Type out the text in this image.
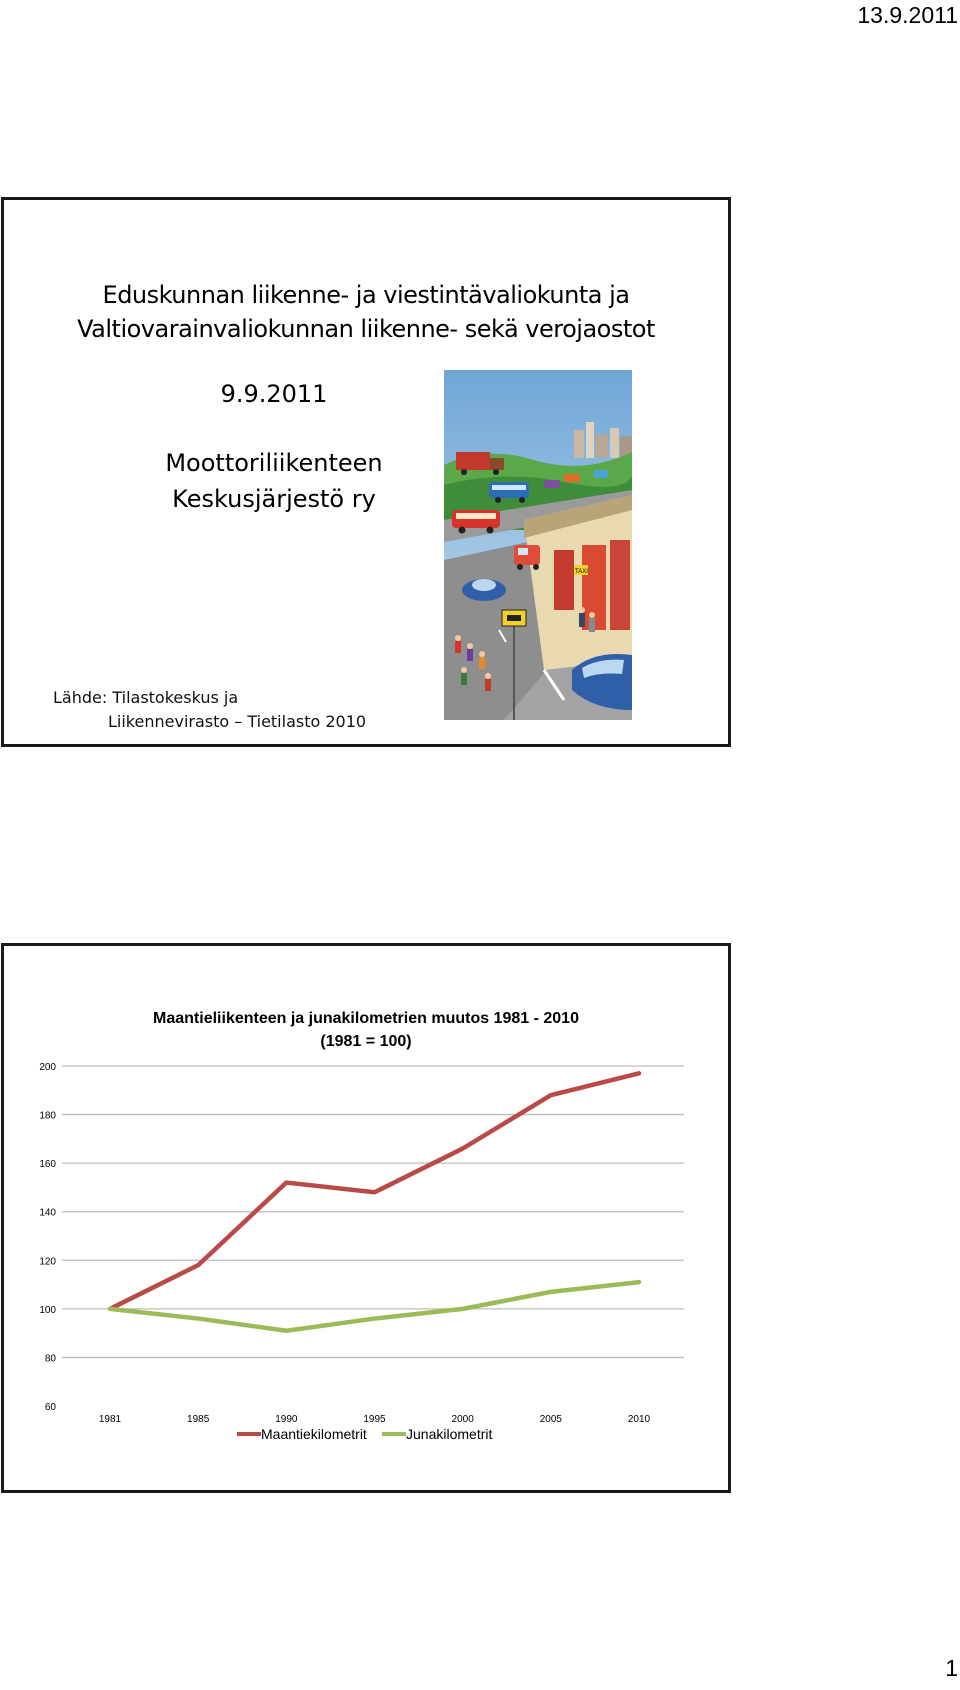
13.9.2011
Eduskunnan liikenne- ja viestintävaliokunta ja
Valtiovarainvaliokunnan liikenne- sekä verojaostot
9.9.2011
Moottoriliikenteen
Keskusjärjestö ry
Lähde: Tilastokeskus ja
Liikennevirasto – Tietilasto 2010
TAXI
Maantieliikenteen ja junakilometrien muutos 1981 - 2010
(1981 = 100)
60
80
100
120
140
160
180
200
1981	1985	1990	1995	2000	2005	2010
Maantiekilometrit	Junakilometrit
1
